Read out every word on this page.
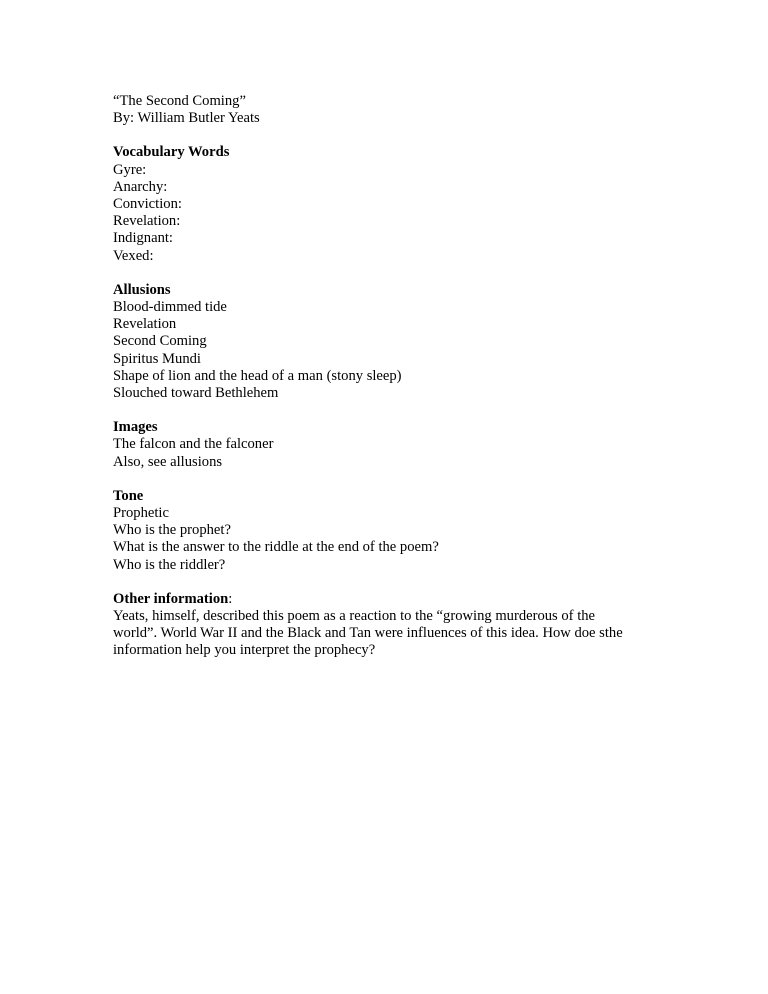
“The Second Coming”
By: William Butler Yeats
Vocabulary Words
Gyre:
Anarchy:
Conviction:
Revelation:
Indignant:
Vexed:
Allusions
Blood-dimmed tide
Revelation
Second Coming
Spiritus Mundi
Shape of lion and the head of a man (stony sleep)
Slouched toward Bethlehem
Images
The falcon and the falconer
Also, see allusions
Tone
Prophetic
Who is the prophet?
What is the answer to the riddle at the end of the poem?
Who is the riddler?
Other information:
Yeats, himself, described this poem as a reaction to the “growing murderous of the
world”. World War II and the Black and Tan were influences of this idea. How doe sthe
information help you interpret the prophecy?
